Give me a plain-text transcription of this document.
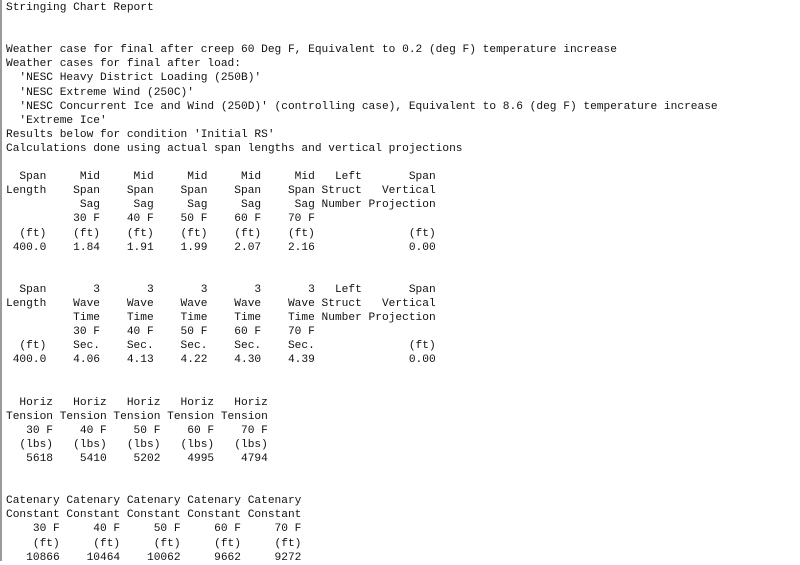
Stringing Chart Report
Weather case for final after creep 60 Deg F, Equivalent to 0.2 (deg F) temperature increase
Weather cases for final after load:
'NESC Heavy District Loading (250B)'
'NESC Extreme Wind (250C)'
'NESC Concurrent Ice and Wind (250D)' (controlling case), Equivalent to 8.6 (deg F) temperature increase
'Extreme Ice'
Results below for condition 'Initial RS'
Calculations done using actual span lengths and vertical projections
Span     Mid     Mid     Mid     Mid     Mid   Left       Span
Length    Span    Span    Span    Span    Span Struct   Vertical
Sag     Sag     Sag     Sag     Sag Number Projection
30 F    40 F    50 F    60 F    70 F
(ft)    (ft)    (ft)    (ft)    (ft)    (ft)              (ft)
400.0    1.84    1.91    1.99    2.07    2.16              0.00
Span       3       3       3       3       3   Left       Span
Length    Wave    Wave    Wave    Wave    Wave Struct   Vertical
Time    Time    Time    Time    Time Number Projection
30 F    40 F    50 F    60 F    70 F
(ft)    Sec.    Sec.    Sec.    Sec.    Sec.              (ft)
400.0    4.06    4.13    4.22    4.30    4.39              0.00
Horiz   Horiz   Horiz   Horiz   Horiz
Tension Tension Tension Tension Tension
30 F    40 F    50 F    60 F    70 F
(lbs)   (lbs)   (lbs)   (lbs)   (lbs)
5618    5410    5202    4995    4794
Catenary Catenary Catenary Catenary Catenary
Constant Constant Constant Constant Constant
30 F     40 F     50 F     60 F     70 F
(ft)     (ft)     (ft)     (ft)     (ft)
10866    10464    10062     9662     9272
